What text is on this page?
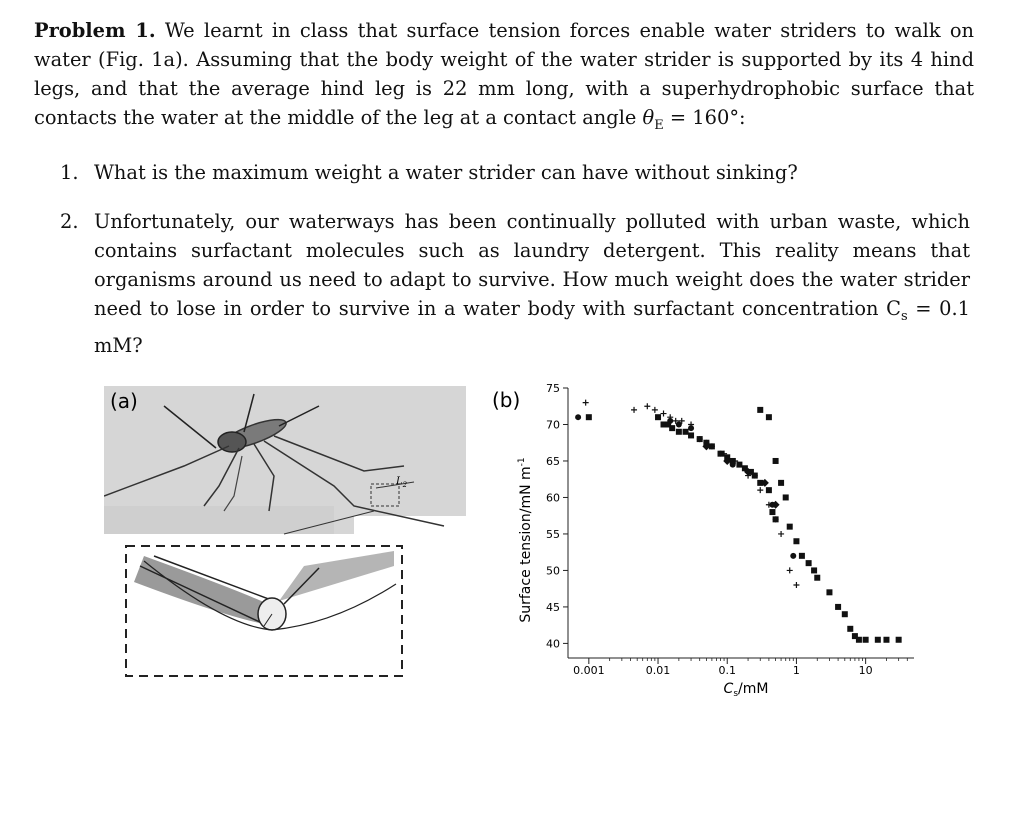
Problem 1. We learnt in class that surface tension forces enable water striders to walk on water (Fig. 1a). Assuming that the body weight of the water strider is supported by its 4 hind legs, and that the average hind leg is 22 mm long, with a superhydrophobic surface that contacts the water at the middle of the leg at a contact angle $\theta_E = 160^\circ$:
1. What is the maximum weight a water strider can have without sinking?
2. Unfortunately, our waterways has been continually polluted with urban waste, which contains surfactant molecules such as laundry detergent. This reality means that organisms around us need to adapt to survive. How much weight does the water strider need to lose in order to survive in a water body with surfactant concentration $C_s = 0.1$ mM?
$L_2$
(a)	(b)
Surface tension/mN $m^{-1}$
$C_s/mM$
40
45
50
55
60
65
70
75
0.001	0.01	0.1	1	10
